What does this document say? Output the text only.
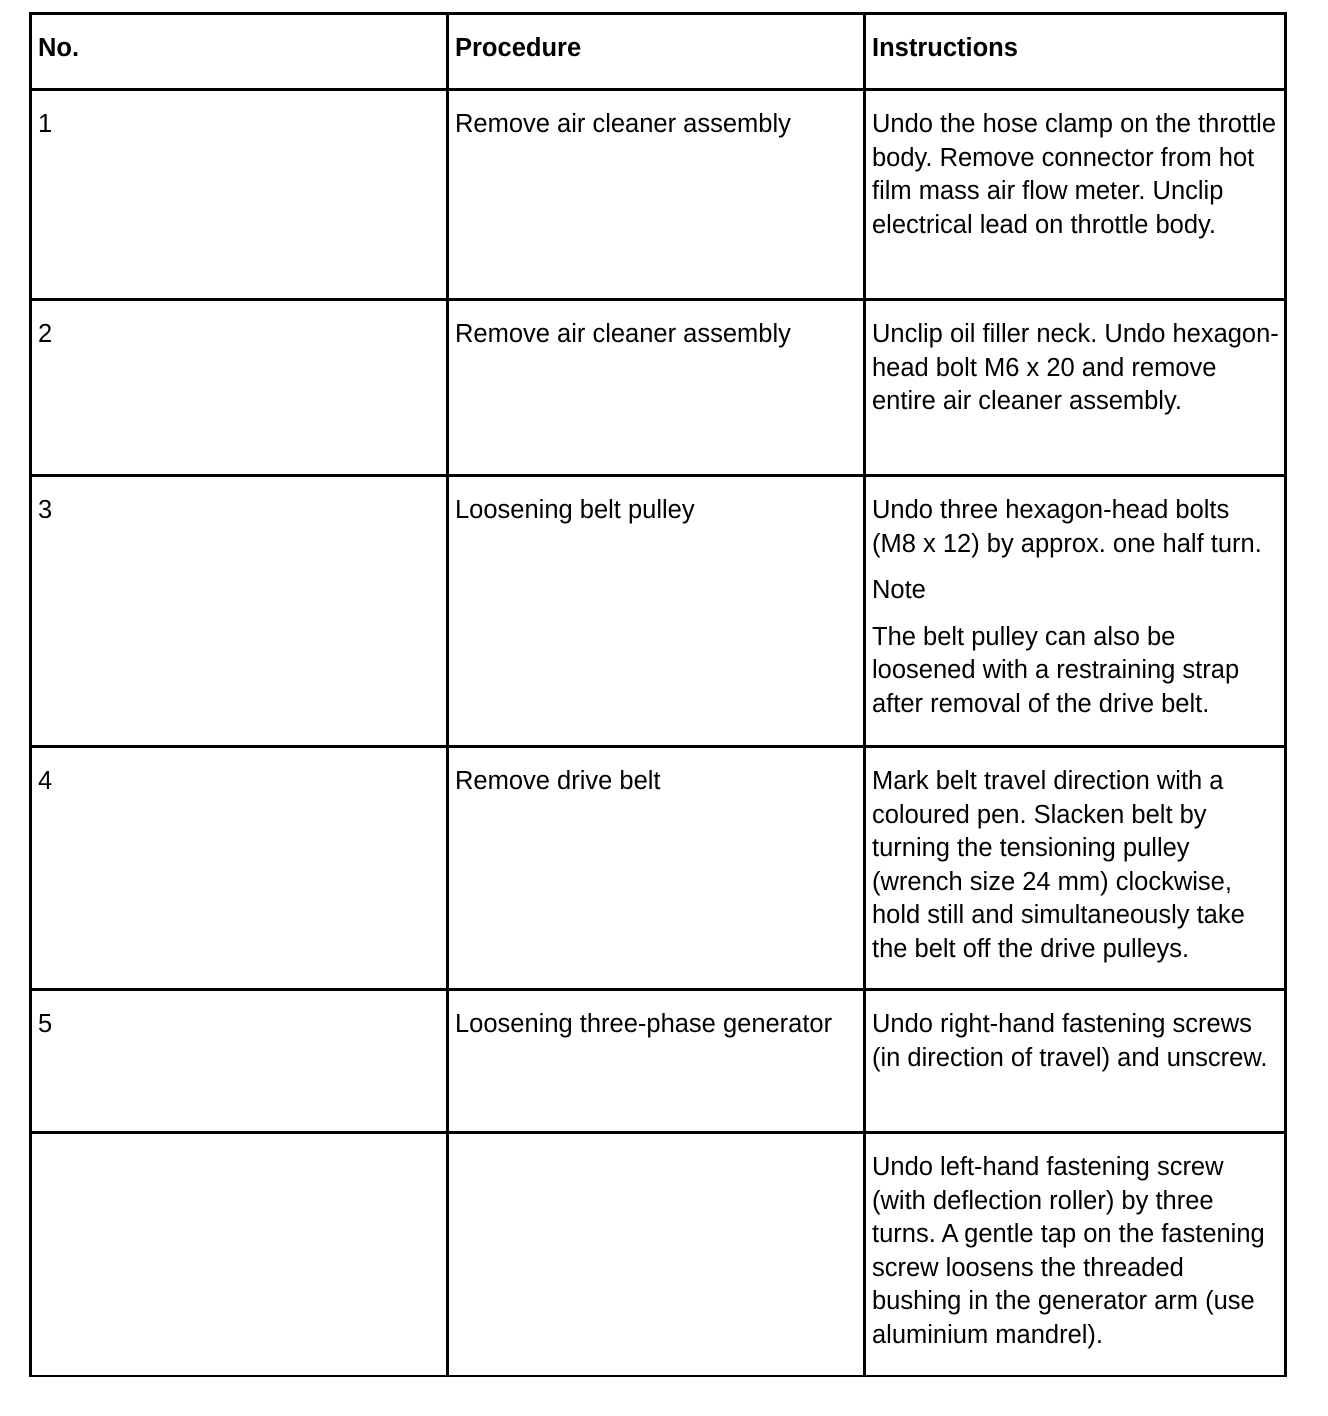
No.	Procedure	Instructions
1	Remove air cleaner assembly	Undo the hose clamp on the throttle body. Remove connector from hot film mass air flow meter. Unclip electrical lead on throttle body.

2	Remove air cleaner assembly	Unclip oil filler neck. Undo hexagon-head bolt M6 x 20 and remove entire air cleaner assembly.

3	Loosening belt pulley	Undo three hexagon-head bolts (M8 x 12) by approx. one half turn.
Note
The belt pulley can also be loosened with a restraining strap after removal of the drive belt.

4	Remove drive belt	Mark belt travel direction with a coloured pen. Slacken belt by turning the tensioning pulley (wrench size 24 mm) clockwise, hold still and simultaneously take the belt off the drive pulleys.

5	Loosening three-phase generator	Undo right-hand fastening screws (in direction of travel) and unscrew.

		Undo left-hand fastening screw (with deflection roller) by three turns. A gentle tap on the fastening screw loosens the threaded bushing in the generator arm (use aluminium mandrel).
